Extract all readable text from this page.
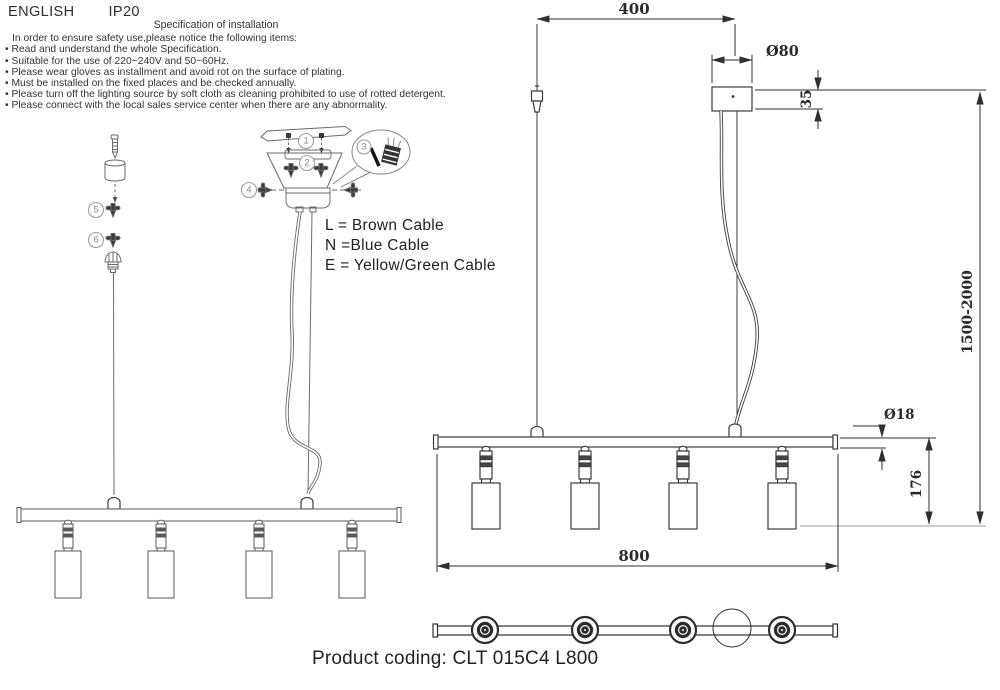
1
2
3
4
5
6
400
Ø80
35
1500-2000
Ø18
176
800
ENGLISH IP20
Specification of installation
In order to ensure safety use,please notice the following items:
• Read and understand the whole Specification.
• Suitable for the use of 220~240V and 50~60Hz.
• Please wear gloves as installment and avoid rot on the surface of plating.
• Must be installed on the fixed places and be checked annually.
• Please turn off the lighting source by soft cloth as cleaning prohibited to use of rotted detergent.
• Please connect with the local sales service center when there are any abnormality.
L = Brown Cable
N =Blue Cable
E = Yellow/Green Cable
Product coding: CLT 015C4 L800
